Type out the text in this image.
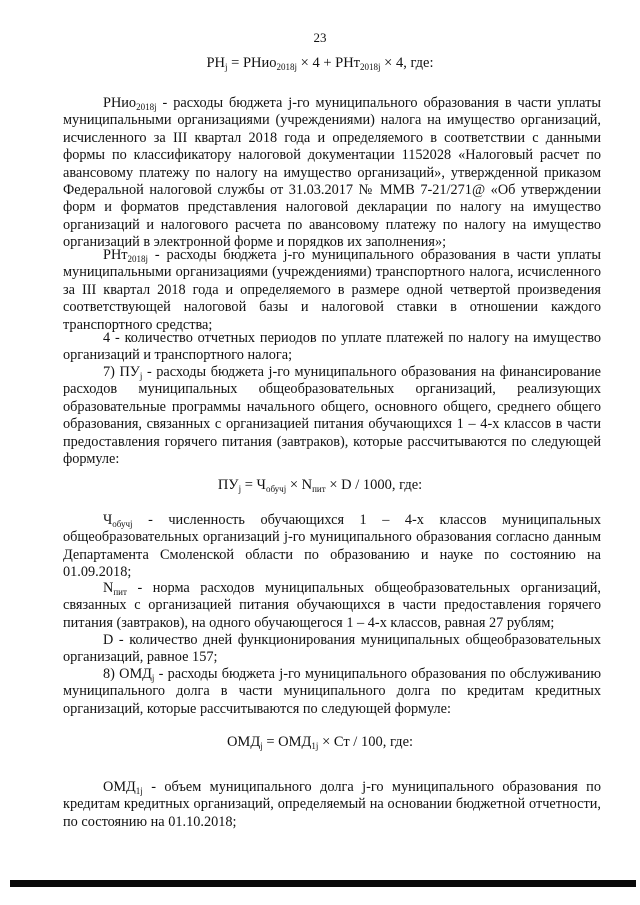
23
$РН_j$ = РНио$_{2018j}$ × 4 + РНт$_{2018j}$ × 4, где:

РНио$_{2018j}$ - расходы бюджета j-го муниципального образования в части уплаты муниципальными организациями (учреждениями) налога на имущество организаций, исчисленного за III квартал 2018 года и определяемого в соответствии с данными формы по классификатору налоговой документации 1152028 «Налоговый расчет по авансовому платежу по налогу на имущество организаций», утвержденной приказом Федеральной налоговой службы от 31.03.2017 № ММВ 7-21/271@ «Об утверждении форм и форматов представления налоговой декларации по налогу на имущество организаций и налогового расчета по авансовому платежу по налогу на имущество организаций в электронной форме и порядков их заполнения»;

РНт$_{2018j}$ - расходы бюджета j-го муниципального образования в части уплаты муниципальными организациями (учреждениями) транспортного налога, исчисленного за III квартал 2018 года и определяемого в размере одной четвертой произведения соответствующей налоговой базы и налоговой ставки в отношении каждого транспортного средства;

4 - количество отчетных периодов по уплате платежей по налогу на имущество организаций и транспортного налога;

7) $ПУ_j$ - расходы бюджета j-го муниципального образования на финансирование расходов муниципальных общеобразовательных организаций, реализующих образовательные программы начального общего, основного общего, среднего общего образования, связанных с организацией питания обучающихся 1 – 4-х классов в части предоставления горячего питания (завтраков), которые рассчитываются по следующей формуле:

$ПУ_j = Ч_{обучj} \times N_{пит} \times D / 1000$, где:

$Ч_{обучj}$ - численность обучающихся 1 – 4-х классов муниципальных общеобразовательных организаций j-го муниципального образования согласно данным Департамента Смоленской области по образованию и науке по состоянию на 01.09.2018;

$N_{пит}$ - норма расходов муниципальных общеобразовательных организаций, связанных с организацией питания обучающихся в части предоставления горячего питания (завтраков), на одного обучающегося 1 – 4-х классов, равная 27 рублям;

D - количество дней функционирования муниципальных общеобразовательных организаций, равное 157;

8) $ОМД_j$ - расходы бюджета j-го муниципального образования по обслуживанию муниципального долга в части муниципального долга по кредитам кредитных организаций, которые рассчитываются по следующей формуле:

$ОМД_j = ОМД_{1j}$ × Ст / 100, где:

$ОМД_{1j}$ - объем муниципального долга j-го муниципального образования по кредитам кредитных организаций, определяемый на основании бюджетной отчетности, по состоянию на 01.10.2018;
